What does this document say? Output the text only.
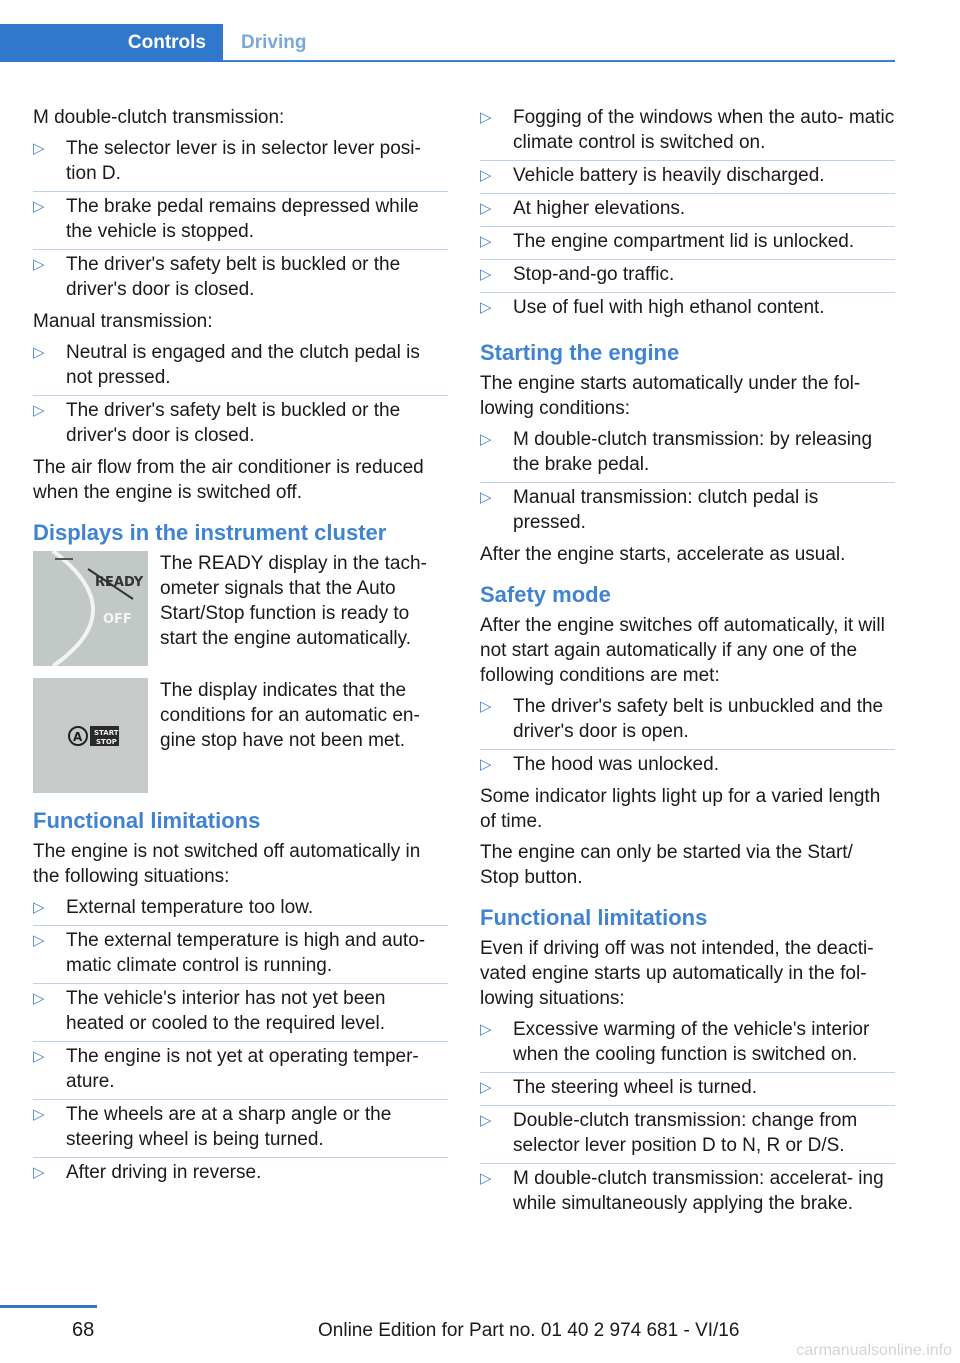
Controls	Driving

M double-clutch transmission:

▷ The selector lever is in selector lever posi‐ tion D.
▷ The brake pedal remains depressed while the vehicle is stopped.
▷ The driver's safety belt is buckled or the driver's door is closed.

Manual transmission:

▷ Neutral is engaged and the clutch pedal is not pressed.
▷ The driver's safety belt is buckled or the driver's door is closed.

The air flow from the air conditioner is reduced when the engine is switched off.

Displays in the instrument cluster
READY
OFF
The READY display in the tach‐ ometer signals that the Auto Start/Stop function is ready to start the engine automatically.
A START
STOP
The display indicates that the conditions for an automatic en‐ gine stop have not been met.
Functional limitations

The engine is not switched off automatically in the following situations:

▷ External temperature too low.
▷ The external temperature is high and auto‐ matic climate control is running.
▷ The vehicle's interior has not yet been heated or cooled to the required level.
▷ The engine is not yet at operating temper‐ ature.
▷ The wheels are at a sharp angle or the steering wheel is being turned.
▷ After driving in reverse.
▷ Fogging of the windows when the auto‐ matic climate control is switched on.
▷ Vehicle battery is heavily discharged.
▷ At higher elevations.
▷ The engine compartment lid is unlocked.
▷ Stop-and-go traffic.
▷ Use of fuel with high ethanol content.
Starting the engine

The engine starts automatically under the fol‐ lowing conditions:

▷ M double-clutch transmission: by releasing the brake pedal.
▷ Manual transmission: clutch pedal is pressed.

After the engine starts, accelerate as usual.

Safety mode

After the engine switches off automatically, it will not start again automatically if any one of the following conditions are met:

▷ The driver's safety belt is unbuckled and the driver's door is open.
▷ The hood was unlocked.

Some indicator lights light up for a varied length of time.

The engine can only be started via the Start/ Stop button.

Functional limitations

Even if driving off was not intended, the deacti‐ vated engine starts up automatically in the fol‐ lowing situations:

▷ Excessive warming of the vehicle's interior when the cooling function is switched on.
▷ The steering wheel is turned.
▷ Double-clutch transmission: change from selector lever position D to N, R or D/S.
▷ M double-clutch transmission: accelerat‐ ing while simultaneously applying the brake.
68	Online Edition for Part no. 01 40 2 974 681 - VI/16
carmanualsonline.info
